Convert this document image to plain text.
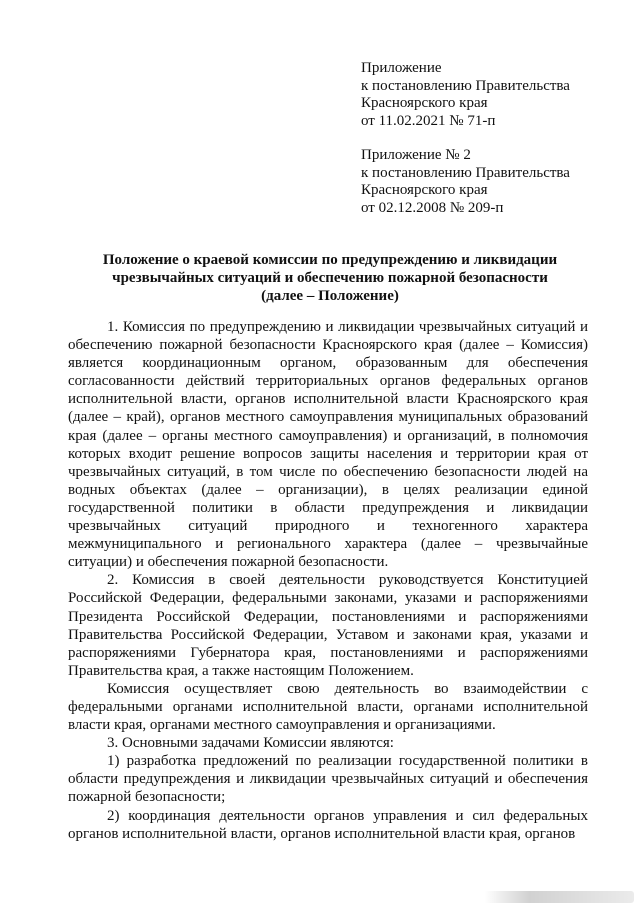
Приложение
к постановлению Правительства
Красноярского края
от 11.02.2021 № 71-п
Приложение № 2
к постановлению Правительства
Красноярского края
от 02.12.2008 № 209-п
Положение о краевой комиссии по предупреждению и ликвидации
чрезвычайных ситуаций и обеспечению пожарной безопасности
(далее – Положение)

1. Комиссия по предупреждению и ликвидации чрезвычайных ситуаций и обеспечению пожарной безопасности Красноярского края (далее – Комиссия) является координационным органом, образованным для обеспечения согласованности действий территориальных органов федеральных органов исполнительной власти, органов исполнительной власти Красноярского края (далее – край), органов местного самоуправления муниципальных образований края (далее – органы местного самоуправления) и организаций, в полномочия которых входит решение вопросов защиты населения и территории края от чрезвычайных ситуаций, в том числе по обеспечению безопасности людей на водных объектах (далее – организации), в целях реализации единой государственной политики в области предупреждения и ликвидации чрезвычайных ситуаций природного и техногенного характера межмуниципального и регионального характера (далее – чрезвычайные ситуации) и обеспечения пожарной безопасности.

2. Комиссия в своей деятельности руководствуется Конституцией Российской Федерации, федеральными законами, указами и распоряжениями Президента Российской Федерации, постановлениями и распоряжениями Правительства Российской Федерации, Уставом и законами края, указами и распоряжениями Губернатора края, постановлениями и распоряжениями Правительства края, а также настоящим Положением.

Комиссия осуществляет свою деятельность во взаимодействии с федеральными органами исполнительной власти, органами исполнительной власти края, органами местного самоуправления и организациями.

3. Основными задачами Комиссии являются:

1) разработка предложений по реализации государственной политики в области предупреждения и ликвидации чрезвычайных ситуаций и обеспечения пожарной безопасности;

2) координация деятельности органов управления и сил федеральных органов исполнительной власти, органов исполнительной власти края, органов
